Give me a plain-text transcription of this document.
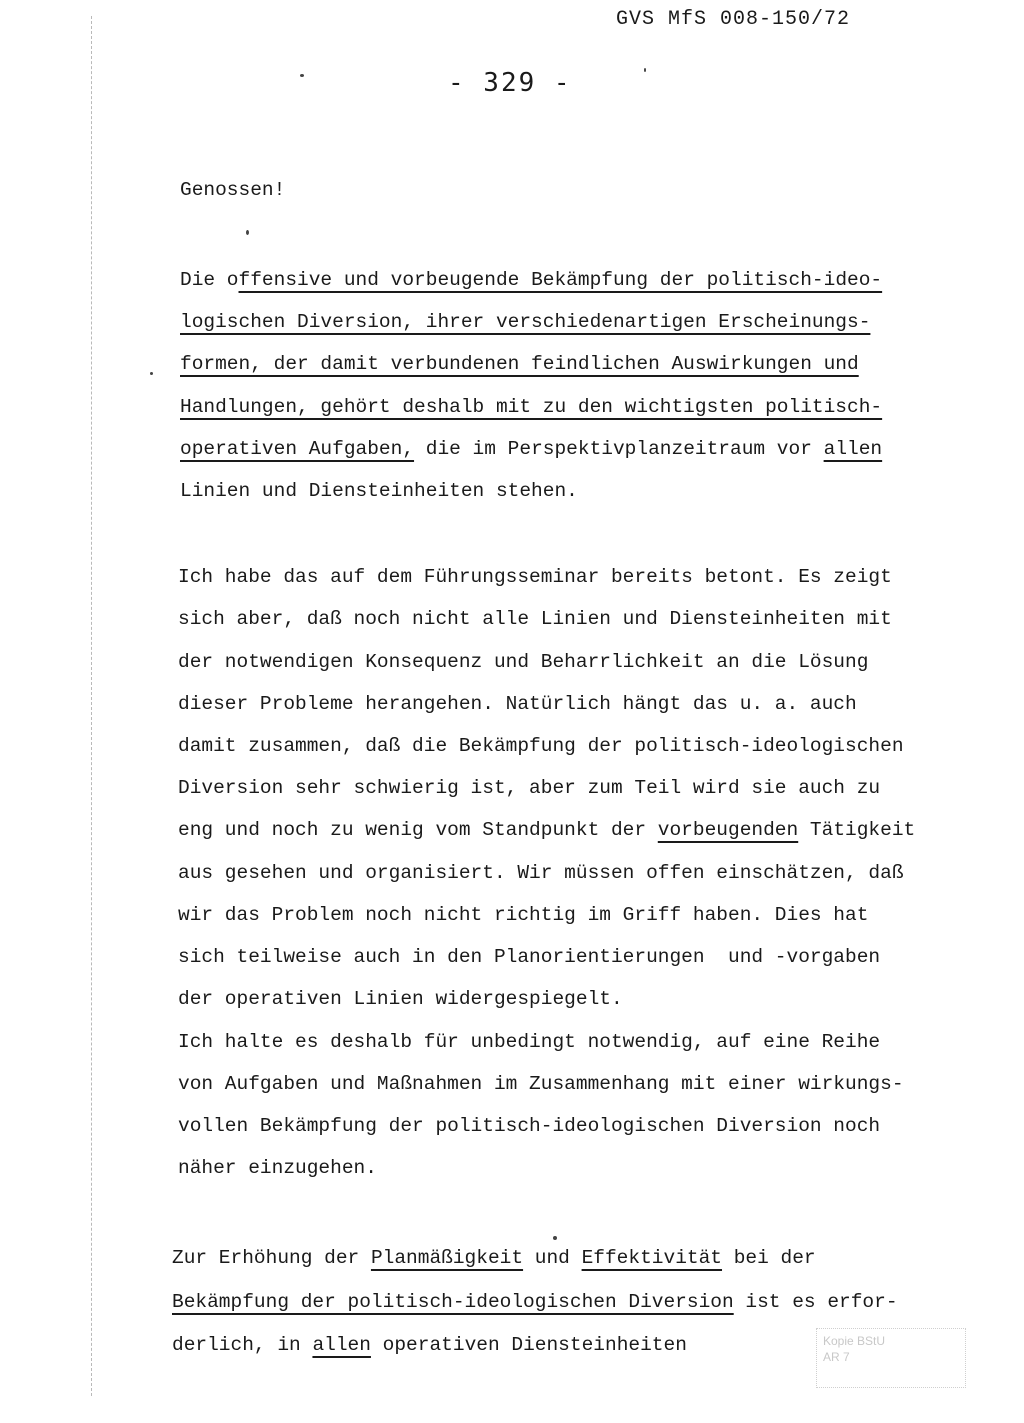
GVS MfS 008-150/72
- 329 -
Genossen!
Die offensive und vorbeugende Bekämpfung der politisch-ideo-
logischen Diversion, ihrer verschiedenartigen Erscheinungs-
formen, der damit verbundenen feindlichen Auswirkungen und
Handlungen, gehört deshalb mit zu den wichtigsten politisch-
operativen Aufgaben, die im Perspektivplanzeitraum vor allen
Linien und Diensteinheiten stehen.
Ich habe das auf dem Führungsseminar bereits betont. Es zeigt
sich aber, daß noch nicht alle Linien und Diensteinheiten mit
der notwendigen Konsequenz und Beharrlichkeit an die Lösung
dieser Probleme herangehen. Natürlich hängt das u. a. auch
damit zusammen, daß die Bekämpfung der politisch-ideologischen
Diversion sehr schwierig ist, aber zum Teil wird sie auch zu
eng und noch zu wenig vom Standpunkt der vorbeugenden Tätigkeit
aus gesehen und organisiert. Wir müssen offen einschätzen, daß
wir das Problem noch nicht richtig im Griff haben. Dies hat
sich teilweise auch in den Planorientierungen  und -vorgaben
der operativen Linien widergespiegelt.
Ich halte es deshalb für unbedingt notwendig, auf eine Reihe
von Aufgaben und Maßnahmen im Zusammenhang mit einer wirkungs-
vollen Bekämpfung der politisch-ideologischen Diversion noch
näher einzugehen.
Zur Erhöhung der Planmäßigkeit und Effektivität bei der
Bekämpfung der politisch-ideologischen Diversion ist es erfor-
derlich, in allen operativen Diensteinheiten	Kopie BStU
AR 7
